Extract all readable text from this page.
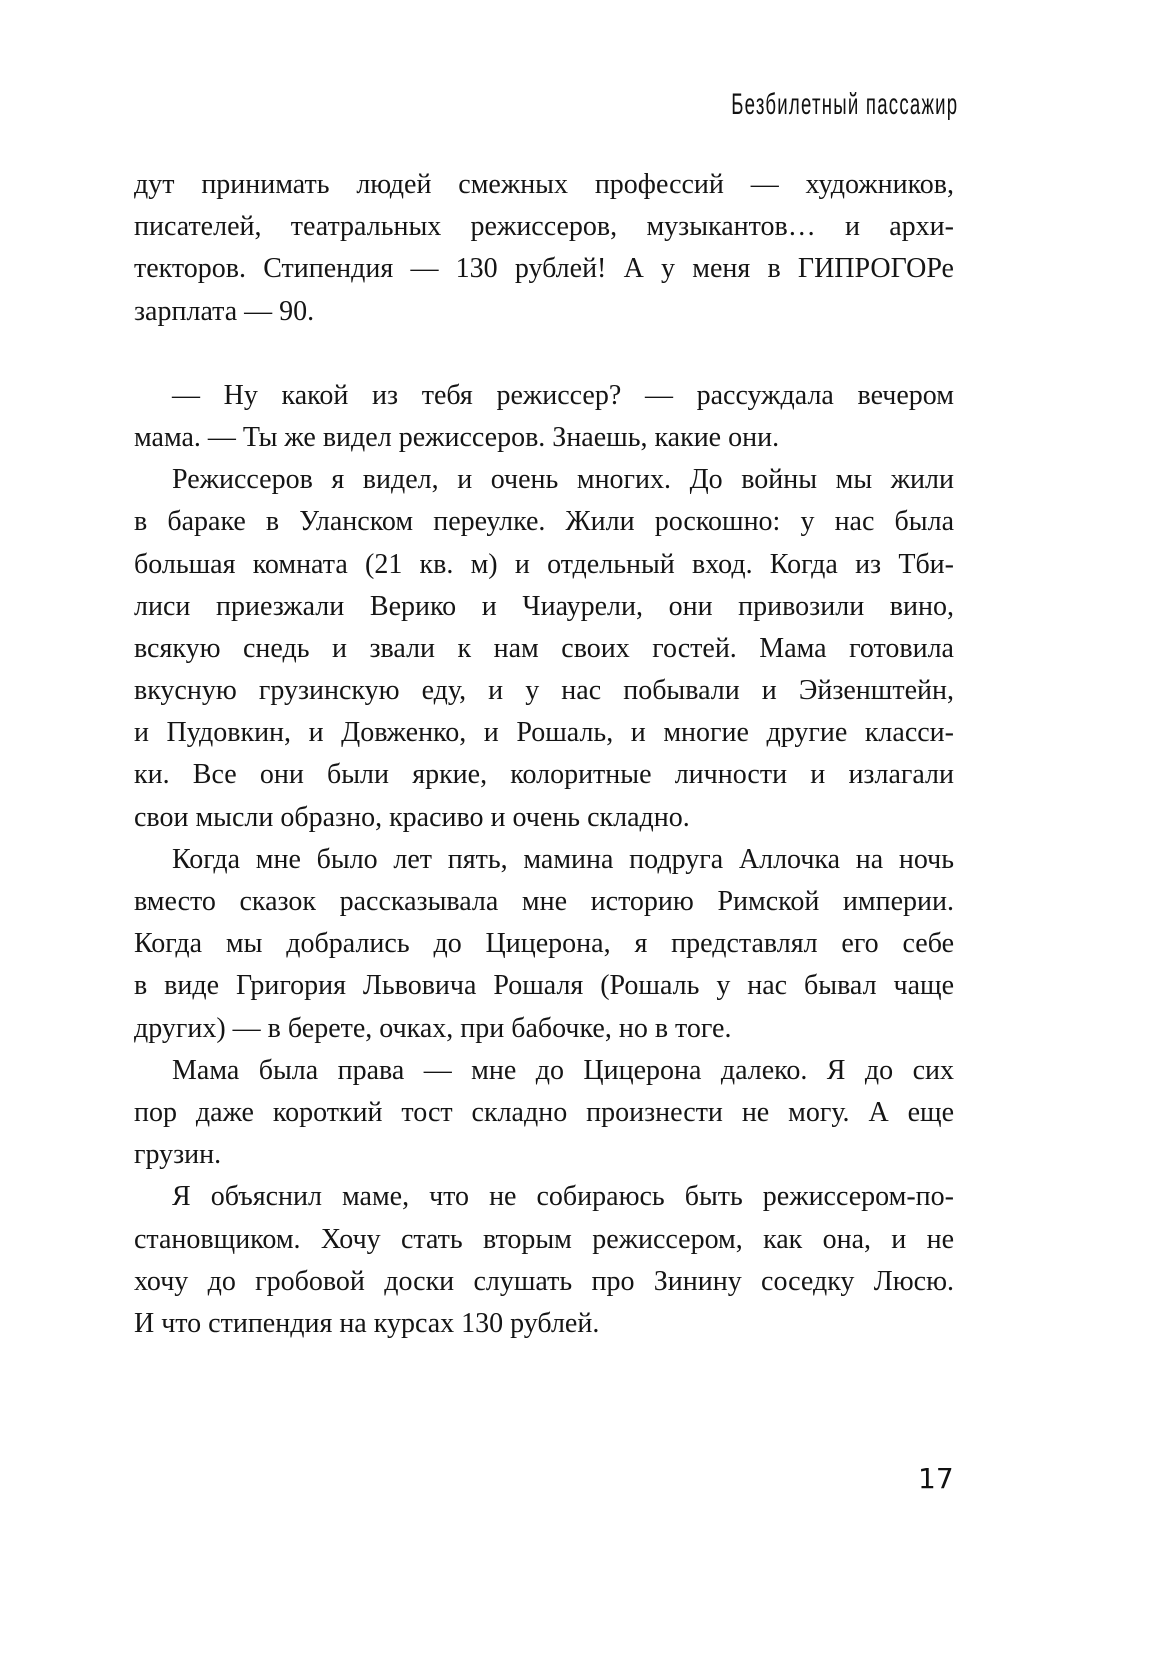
Безбилетный пассажир
дут принимать людей смежных профессий — художников,
писателей, театральных режиссеров, музыкантов… и архи-
текторов. Стипендия — 130 рублей! А у меня в ГИПРОГОРе
зарплата — 90.
— Ну какой из тебя режиссер? — рассуждала вечером
мама. — Ты же видел режиссеров. Знаешь, какие они.
Режиссеров я видел, и очень многих. До войны мы жили
в бараке в Уланском переулке. Жили роскошно: у нас была
большая комната (21 кв. м) и отдельный вход. Когда из Тби-
лиси приезжали Верико и Чиаурели, они привозили вино,
всякую снедь и звали к нам своих гостей. Мама готовила
вкусную грузинскую еду, и у нас побывали и Эйзенштейн,
и Пудовкин, и Довженко, и Рошаль, и многие другие класси-
ки. Все они были яркие, колоритные личности и излагали
свои мысли образно, красиво и очень складно.
Когда мне было лет пять, мамина подруга Аллочка на ночь
вместо сказок рассказывала мне историю Римской империи.
Когда мы добрались до Цицерона, я представлял его себе
в виде Григория Львовича Рошаля (Рошаль у нас бывал чаще
других) — в берете, очках, при бабочке, но в тоге.
Мама была права — мне до Цицерона далеко. Я до сих
пор даже короткий тост складно произнести не могу. А еще
грузин.
Я объяснил маме, что не собираюсь быть режиссером-по-
становщиком. Хочу стать вторым режиссером, как она, и не
хочу до гробовой доски слушать про Зинину соседку Люсю.
И что стипендия на курсах 130 рублей.
17
